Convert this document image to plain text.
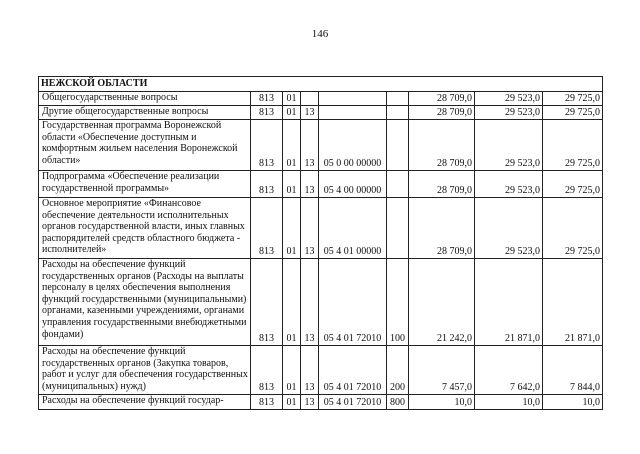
146
НЕЖСКОЙ ОБЛАСТИ								
Общегосударственные вопросы	813	01				28 709,0	29 523,0	29 725,0
Другие общегосударственные вопросы	813	01	13			28 709,0	29 523,0	29 725,0
Государственная программа Воронежской области «Обеспечение доступным и комфортным жильем населения Воронежской области»	813	01	13	05 0 00 00000		28 709,0	29 523,0	29 725,0
Подпрограмма «Обеспечение реализации государственной программы»	813	01	13	05 4 00 00000		28 709,0	29 523,0	29 725,0
Основное мероприятие «Финансовое обеспечение деятельности исполнительных органов государственной власти, иных главных распорядителей средств областного бюджета - исполнителей»	813	01	13	05 4 01 00000		28 709,0	29 523,0	29 725,0
Расходы на обеспечение функций государственных органов (Расходы на выплаты персоналу в целях обеспечения выполнения функций государственными (муниципальными) органами, казенными учреждениями, органами управления государственными внебюджетными фондами)	813	01	13	05 4 01 72010	100	21 242,0	21 871,0	21 871,0
Расходы на обеспечение функций государственных органов (Закупка товаров, работ и услуг для обеспечения государственных (муниципальных) нужд)	813	01	13	05 4 01 72010	200	7 457,0	7 642,0	7 844,0
Расходы на обеспечение функций государ-	813	01	13	05 4 01 72010	800	10,0	10,0	10,0
